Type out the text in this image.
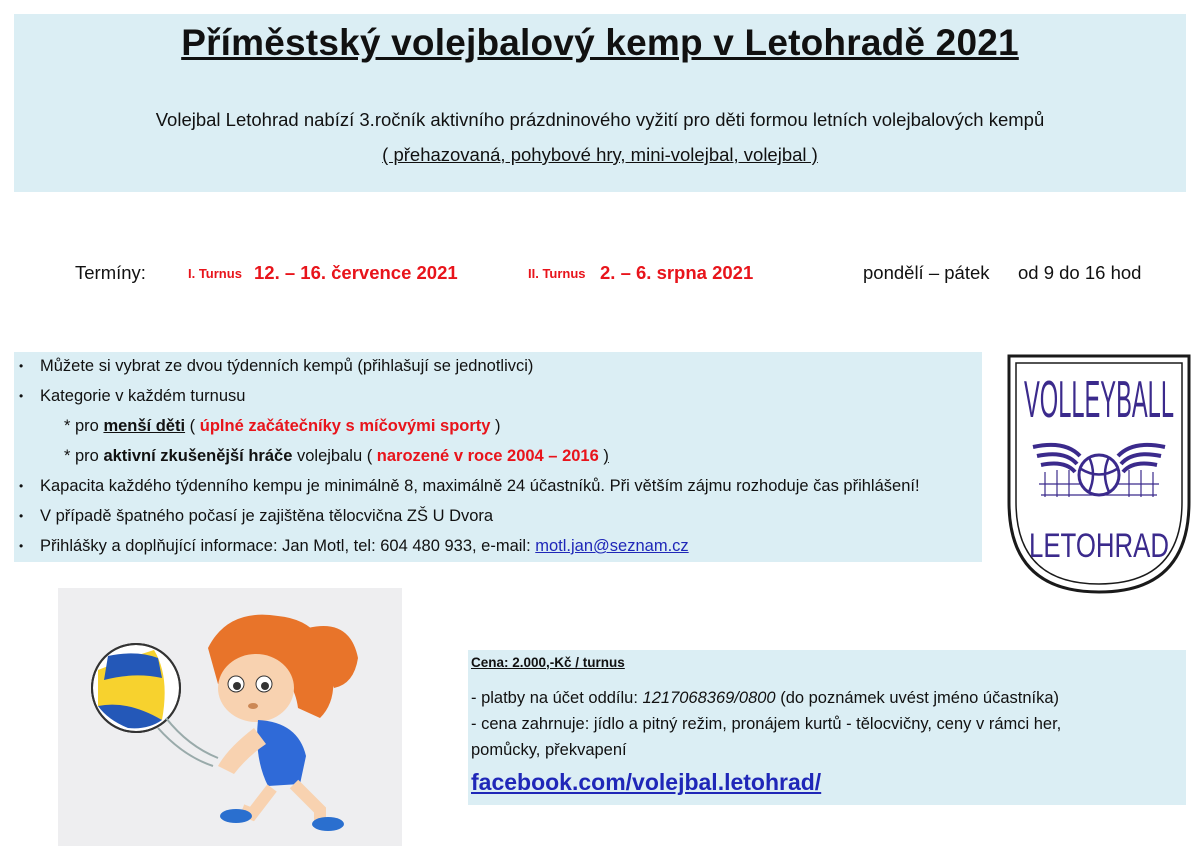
Příměstský volejbalový kemp v Letohradě 2021
Volejbal Letohrad nabízí 3.ročník aktivního prázdninového vyžití pro děti formou letních volejbalových kempů
( přehazovaná, pohybové hry, mini-volejbal, volejbal )
Termíny:	I. Turnus 12. – 16. července 2021	II. Turnus 2. – 6. srpna 2021	pondělí – pátek od 9 do 16 hod
• Můžete si vybrat ze dvou týdenních kempů (přihlašují se jednotlivci)
• Kategorie v každém turnusu
* pro menší děti ( úplné začátečníky s míčovými sporty )
* pro aktivní zkušenější hráče volejbalu ( narozené v roce 2004 – 2016 )
• Kapacita každého týdenního kempu je minimálně 8, maximálně 24 účastníků. Při větším zájmu rozhoduje čas přihlášení!
• V případě špatného počasí je zajištěna tělocvična ZŠ U Dvora
• Přihlášky a doplňující informace: Jan Motl, tel: 604 480 933, e-mail: motl.jan@seznam.cz
VOLLEYBALL
LETOHRAD
Cena: 2.000,-Kč / turnus
- platby na účet oddílu: 1217068369/0800 (do poznámek uvést jméno účastníka)
- cena zahrnuje: jídlo a pitný režim, pronájem kurtů - tělocvičny, ceny v rámci her,
pomůcky, překvapení
facebook.com/volejbal.letohrad/
